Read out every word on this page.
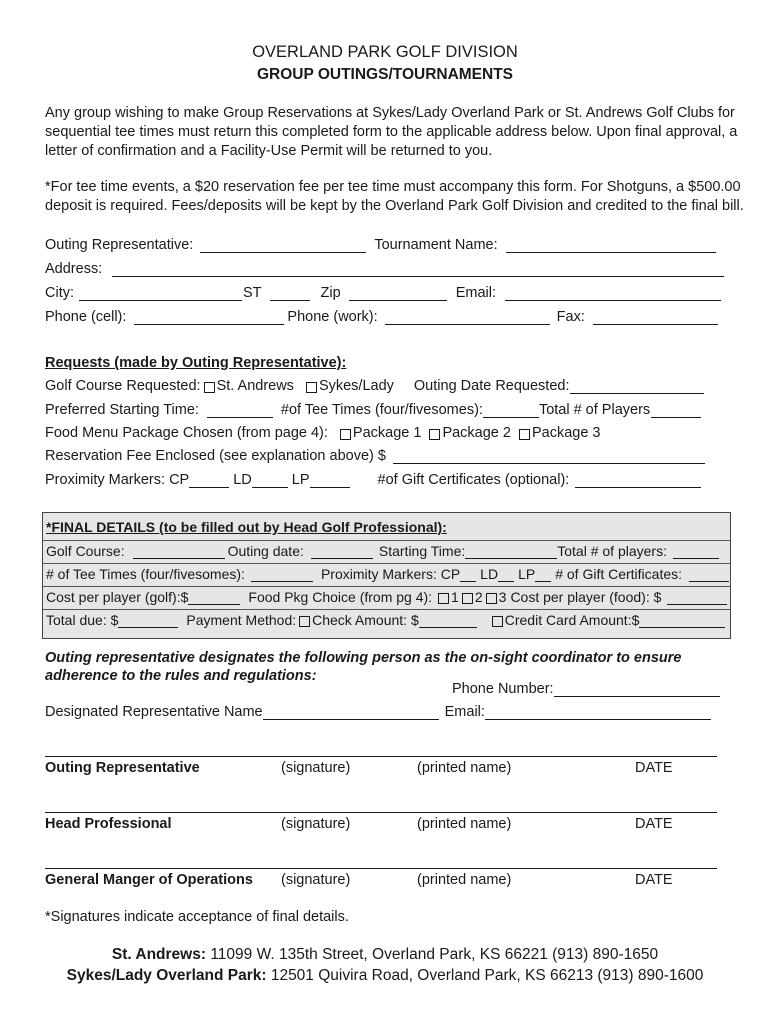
OVERLAND PARK GOLF DIVISION
GROUP OUTINGS/TOURNAMENTS
Any group wishing to make Group Reservations at Sykes/Lady Overland Park or St. Andrews Golf Clubs for sequential tee times must return this completed form to the applicable address below. Upon final approval, a letter of confirmation and a Facility-Use Permit will be returned to you.
*For tee time events, a $20 reservation fee per tee time must accompany this form. For Shotguns, a $500.00 deposit is required. Fees/deposits will be kept by the Overland Park Golf Division and credited to the final bill.
Outing Representative:	Tournament Name:
Address:
City:	ST	Zip	Email:
Phone (cell):	Phone (work):	Fax:
Requests (made by Outing Representative):
Golf Course Requested: St. Andrews Sykes/Lady Outing Date Requested:
Preferred Starting Time:	#of Tee Times (four/fivesomes):	Total # of Players
Food Menu Package Chosen (from page 4): Package 1 Package 2 Package 3
Reservation Fee Enclosed (see explanation above) $
Proximity Markers: CP	LD	LP	#of Gift Certificates (optional):
*FINAL DETAILS (to be filled out by Head Golf Professional):
Golf Course:	Outing date:	Starting Time:	Total # of players:
# of Tee Times (four/fivesomes):	Proximity Markers: CP LD LP # of Gift Certificates:
Cost per player (golf):$	Food Pkg Choice (from pg 4): 1 2 3 Cost per player (food): $
Total due: $	Payment Method: Check Amount: $	Credit Card Amount:$
Outing representative designates the following person as the on-sight coordinator to ensure adherence to the rules and regulations:
Phone Number:
Designated Representative Name	Email:
Outing Representative	(signature)	(printed name)	DATE
Head Professional	(signature)	(printed name)	DATE
General Manger of Operations (signature)	(printed name)	DATE
*Signatures indicate acceptance of final details.
St. Andrews: 11099 W. 135th Street, Overland Park, KS 66221 (913) 890-1650
Sykes/Lady Overland Park: 12501 Quivira Road, Overland Park, KS 66213 (913) 890-1600
